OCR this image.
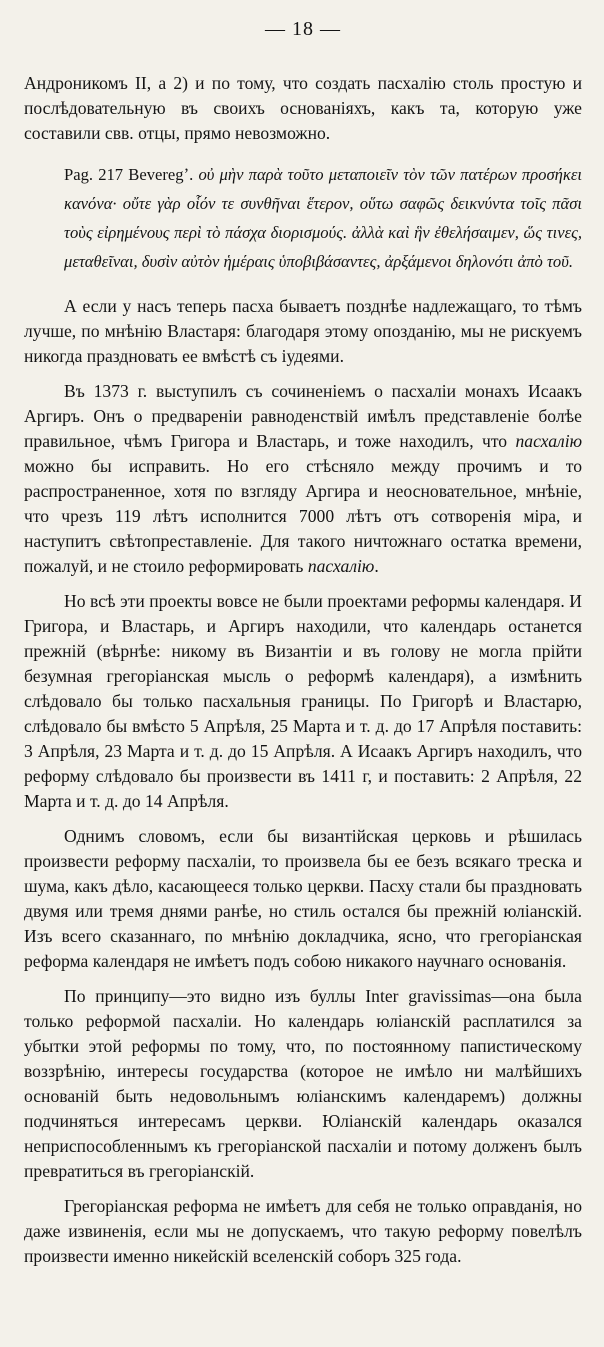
— 18 —

Андроникомъ II, а 2) и по тому, что создать пасхалію столь простую и послѣдовательную въ своихъ основаніяхъ, какъ та, которую уже составили свв. отцы, прямо невозможно.

Pag. 217 Beveregʼ. οὐ μὴν παρὰ τοῦτο μεταποιεῖν τὸν τῶν πατέρων προσήκει κανόνα· οὔτε γὰρ οἷόν τε συνθῆναι ἕτερον, οὕτω σαφῶς δεικνύντα τοῖς πᾶσι τοὺς εἰρημένους περὶ τὸ πάσχα διορισμούς. ἀλλὰ καὶ ἣν ἐθελήσαιμεν, ὥς τινες, μεταθεῖναι, δυσὶν αὐτὸν ἡμέραις ὑποβιβάσαντες, ἀρξάμενοι δηλονότι ἀπὸ τοῦ.

А если у насъ теперь пасха бываетъ позднѣе надлежащаго, то тѣмъ лучше, по мнѣнію Властаря: благодаря этому опозданію, мы не рискуемъ никогда праздновать ее вмѣстѣ съ іудеями.

Въ 1373 г. выступилъ съ сочиненіемъ о пасхаліи монахъ Исаакъ Аргиръ. Онъ о предвареніи равноденствій имѣлъ представленіе болѣе правильное, чѣмъ Григора и Властарь, и тоже находилъ, что пасхалію можно бы исправить. Но его стѣсняло между прочимъ и то распространенное, хотя по взгляду Аргира и неосновательное, мнѣніе, что чрезъ 119 лѣтъ исполнится 7000 лѣтъ отъ сотворенія міра, и наступитъ свѣтопреставленіе. Для такого ничтожнаго остатка времени, пожалуй, и не стоило реформировать пасхалію.

Но всѣ эти проекты вовсе не были проектами реформы календаря. И Григора, и Властарь, и Аргиръ находили, что календарь останется прежній (вѣрнѣе: никому въ Византіи и въ голову не могла прійти безумная грегоріанская мысль о реформѣ календаря), а измѣнить слѣдовало бы только пасхальныя границы. По Григорѣ и Властарю, слѣдовало бы вмѣсто 5 Апрѣля, 25 Марта и т. д. до 17 Апрѣля поставить: 3 Апрѣля, 23 Марта и т. д. до 15 Апрѣля. А Исаакъ Аргиръ находилъ, что реформу слѣдовало бы произвести въ 1411 г, и поставить: 2 Апрѣля, 22 Марта и т. д. до 14 Апрѣля.

Однимъ словомъ, если бы византійская церковь и рѣшилась произвести реформу пасхаліи, то произвела бы ее безъ всякаго треска и шума, какъ дѣло, касающееся только церкви. Пасху стали бы праздновать двумя или тремя днями ранѣе, но стиль остался бы прежній юліанскій. Изъ всего сказаннаго, по мнѣнію докладчика, ясно, что грегоріанская реформа календаря не имѣетъ подъ собою никакого научнаго основанія.

По принципу—это видно изъ буллы Inter gravissimas—она была только реформой пасхаліи. Но календарь юліанскій расплатился за убытки этой реформы по тому, что, по постоянному папистическому воззрѣнію, интересы государства (которое не имѣло ни малѣйшихъ основаній быть недовольнымъ юліанскимъ календаремъ) должны подчиняться интересамъ церкви. Юліанскій календарь оказался неприспособленнымъ къ грегоріанской пасхаліи и потому долженъ былъ превратиться въ грегоріанскій.

Грегоріанская реформа не имѣетъ для себя не только оправданія, но даже извиненія, если мы не допускаемъ, что такую реформу повелѣлъ произвести именно никейскій вселенскій соборъ 325 года.
